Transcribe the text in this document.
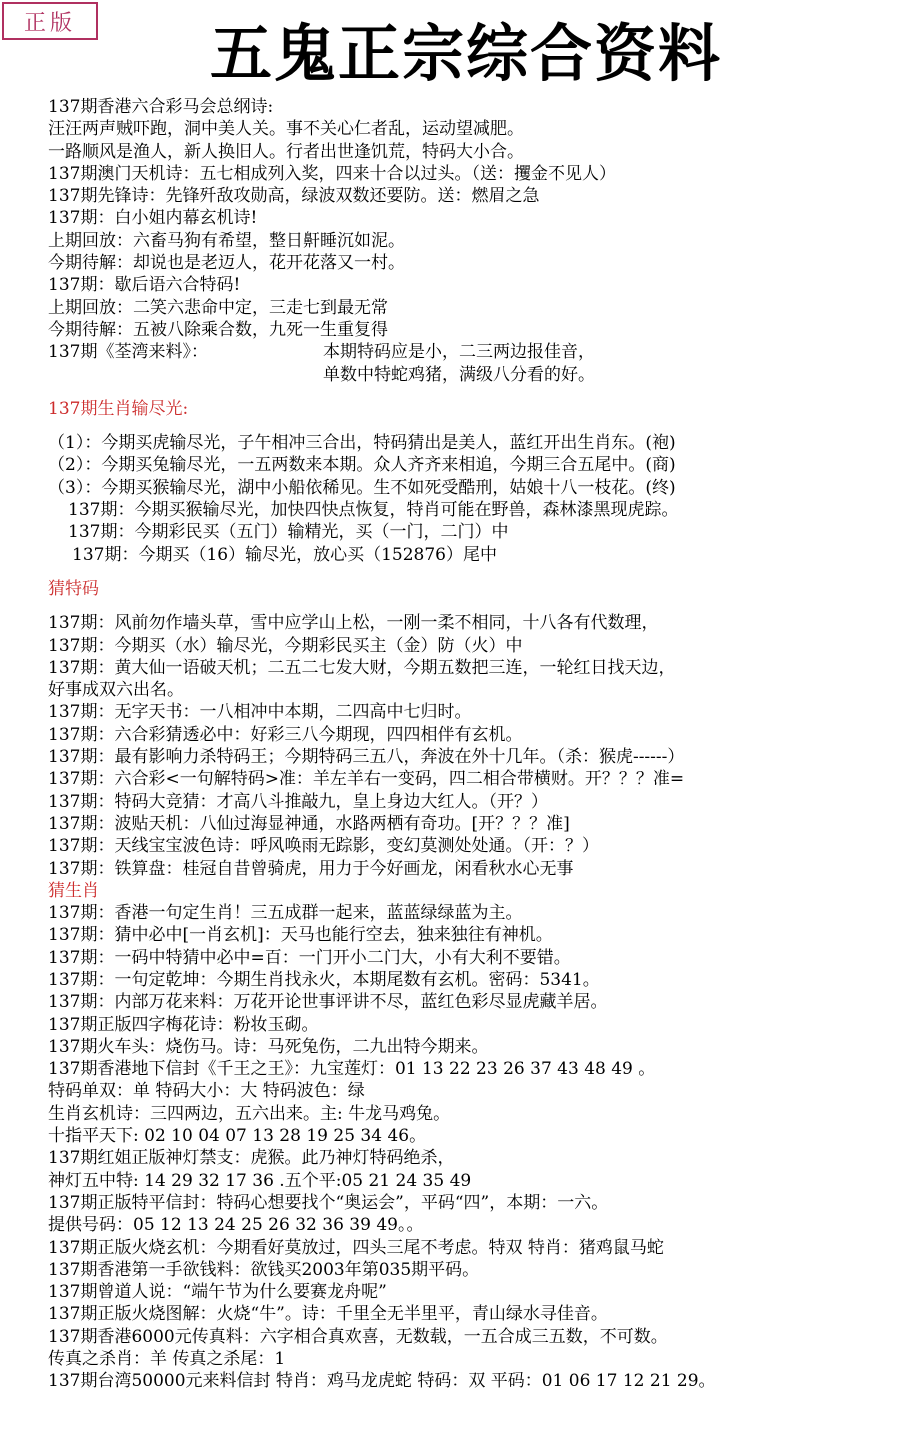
正版	五鬼正宗综合资料
137期香港六合彩马会总纲诗:
汪汪两声贼吓跑，洞中美人关。事不关心仁者乱，运动望减肥。
一路顺风是渔人，新人换旧人。行者出世逢饥荒，特码大小合。
137期澳门天机诗：五七相成列入奖，四来十合以过头。（送：攫金不见人）
137期先锋诗：先锋歼敌攻勋高，绿波双数还要防。送：燃眉之急
137期：白小姐内幕玄机诗!
上期回放：六畜马狗有希望，整日鼾睡沉如泥。
今期待解：却说也是老迈人，花开花落又一村。
137期：歇后语六合特码!
上期回放：二笑六悲命中定，三走七到最无常
今期待解：五被八除乘合数，九死一生重复得
137期《荃湾来料》：	本期特码应是小，二三两边报佳音，
单数中特蛇鸡猪，满级八分看的好。
137期生肖输尽光:
（1）：今期买虎输尽光，子午相冲三合出，特码猜出是美人，蓝红开出生肖东。(袍)
（2）：今期买兔输尽光，一五两数来本期。众人齐齐来相追，今期三合五尾中。(商)
（3）：今期买猴输尽光，湖中小船依稀见。生不如死受酷刑，姑娘十八一枝花。(终)
137期：今期买猴输尽光，加快四快点恢复，特肖可能在野兽，森林漆黑现虎踪。
137期：今期彩民买（五门）输精光，买（一门，二门）中
137期：今期买（16）输尽光，放心买（152876）尾中
猜特码
137期：风前勿作墙头草，雪中应学山上松，一刚一柔不相同，十八各有代数理，
137期：今期买（水）输尽光，今期彩民买主（金）防（火）中
137期：黄大仙一语破天机；二五二七发大财，今期五数把三连，一轮红日找天边，
好事成双六出名。
137期：无字天书：一八相冲中本期，二四高中七归时。
137期：六合彩猜透必中：好彩三八今期现，四四相伴有玄机。
137期：最有影响力杀特码王；今期特码三五八，奔波在外十几年。（杀：猴虎------）
137期：六合彩<一句解特码>准：羊左羊右一变码，四二相合带横财。开？？？准=
137期：特码大竞猜：才高八斗推敲九，皇上身边大红人。（开？）
137期：波贴天机：八仙过海显神通，水路两栖有奇功。[开？？？准]
137期：天线宝宝波色诗：呼风唤雨无踪影，变幻莫测处处通。（开：？）
137期：铁算盘：桂冠自昔曾骑虎，用力于今好画龙，闲看秋水心无事
猜生肖
137期：香港一句定生肖！三五成群一起来，蓝蓝绿绿蓝为主。
137期：猜中必中[一肖玄机]：天马也能行空去，独来独往有神机。
137期：一码中特猜中必中=百：一门开小二门大，小有大利不要错。
137期：一句定乾坤：今期生肖找永火，本期尾数有玄机。密码：5341。
137期：内部万花来料：万花开论世事评讲不尽，蓝红色彩尽显虎藏羊居。
137期正版四字梅花诗：粉妆玉砌。
137期火车头：烧伤马。诗：马死兔伤，二九出特今期来。
137期香港地下信封《千王之王》：九宝莲灯：01 13 22 23 26 37 43 48 49 。
特码单双：单 特码大小：大 特码波色：绿
生肖玄机诗：三四两边，五六出来。主: 牛龙马鸡兔。
十指平天下: 02 10 04 07 13 28 19 25 34 46。
137期红姐正版神灯禁支：虎猴。此乃神灯特码绝杀，
神灯五中特: 14 29 32 17 36 .五个平:05 21 24 35 49
137期正版特平信封：特码心想要找个“奥运会”，平码“四”，本期：一六。
提供号码：05 12 13 24 25 26 32 36 39 49。。
137期正版火烧玄机：今期看好莫放过，四头三尾不考虑。特双 特肖：猪鸡鼠马蛇
137期香港第一手欲钱料：欲钱买2003年第035期平码。
137期曾道人说：“端午节为什么要赛龙舟呢”
137期正版火烧图解：火烧“牛”。诗：千里全无半里平，青山绿水寻佳音。
137期香港6000元传真料：六字相合真欢喜，无数载，一五合成三五数，不可数。
传真之杀肖：羊 传真之杀尾：1
137期台湾50000元来料信封 特肖：鸡马龙虎蛇 特码：双 平码：01 06 17 12 21 29。
